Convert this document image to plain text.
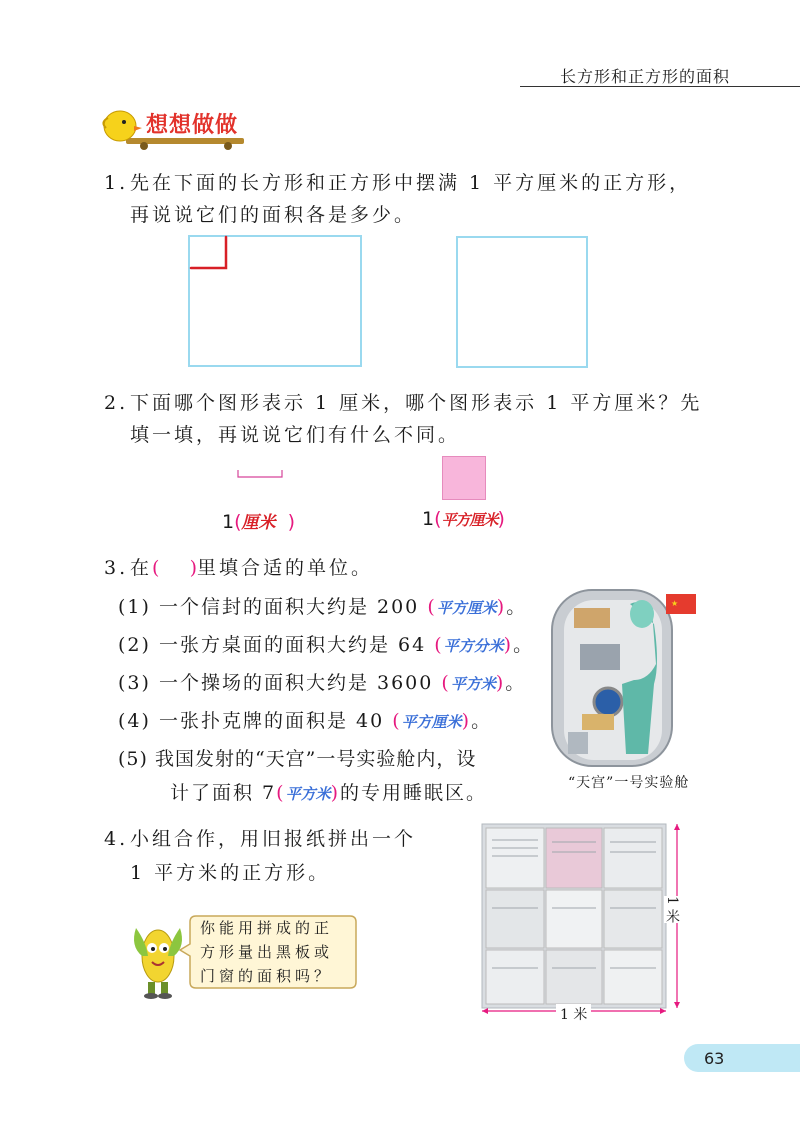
长方形和正方形的面积
想想做做
1. 先在下面的长方形和正方形中摆满 1 平方厘米的正方形，
再说说它们的面积各是多少。
2. 下面哪个图形表示 1 厘米，哪个图形表示 1 平方厘米？先
填一填，再说说它们有什么不同。
1(厘米  )	1(平方厘米)
3. 在(     )里填合适的单位。
(1) 一个信封的面积大约是 200 (平方厘米)。
(2) 一张方桌面的面积大约是 64 (平方分米)。
(3) 一个操场的面积大约是 3600 (平方米)。
(4) 一张扑克牌的面积是 40 (平方厘米)。
(5) 我国发射的“天宫”一号实验舱内，设
计了面积 7(平方米)的专用睡眠区。
★
“天宫”一号实验舱
4. 小组合作，用旧报纸拼出一个
1 平方米的正方形。
你能用拼成的正
方形量出黑板或
门窗的面积吗？
1 米
1 米
63
